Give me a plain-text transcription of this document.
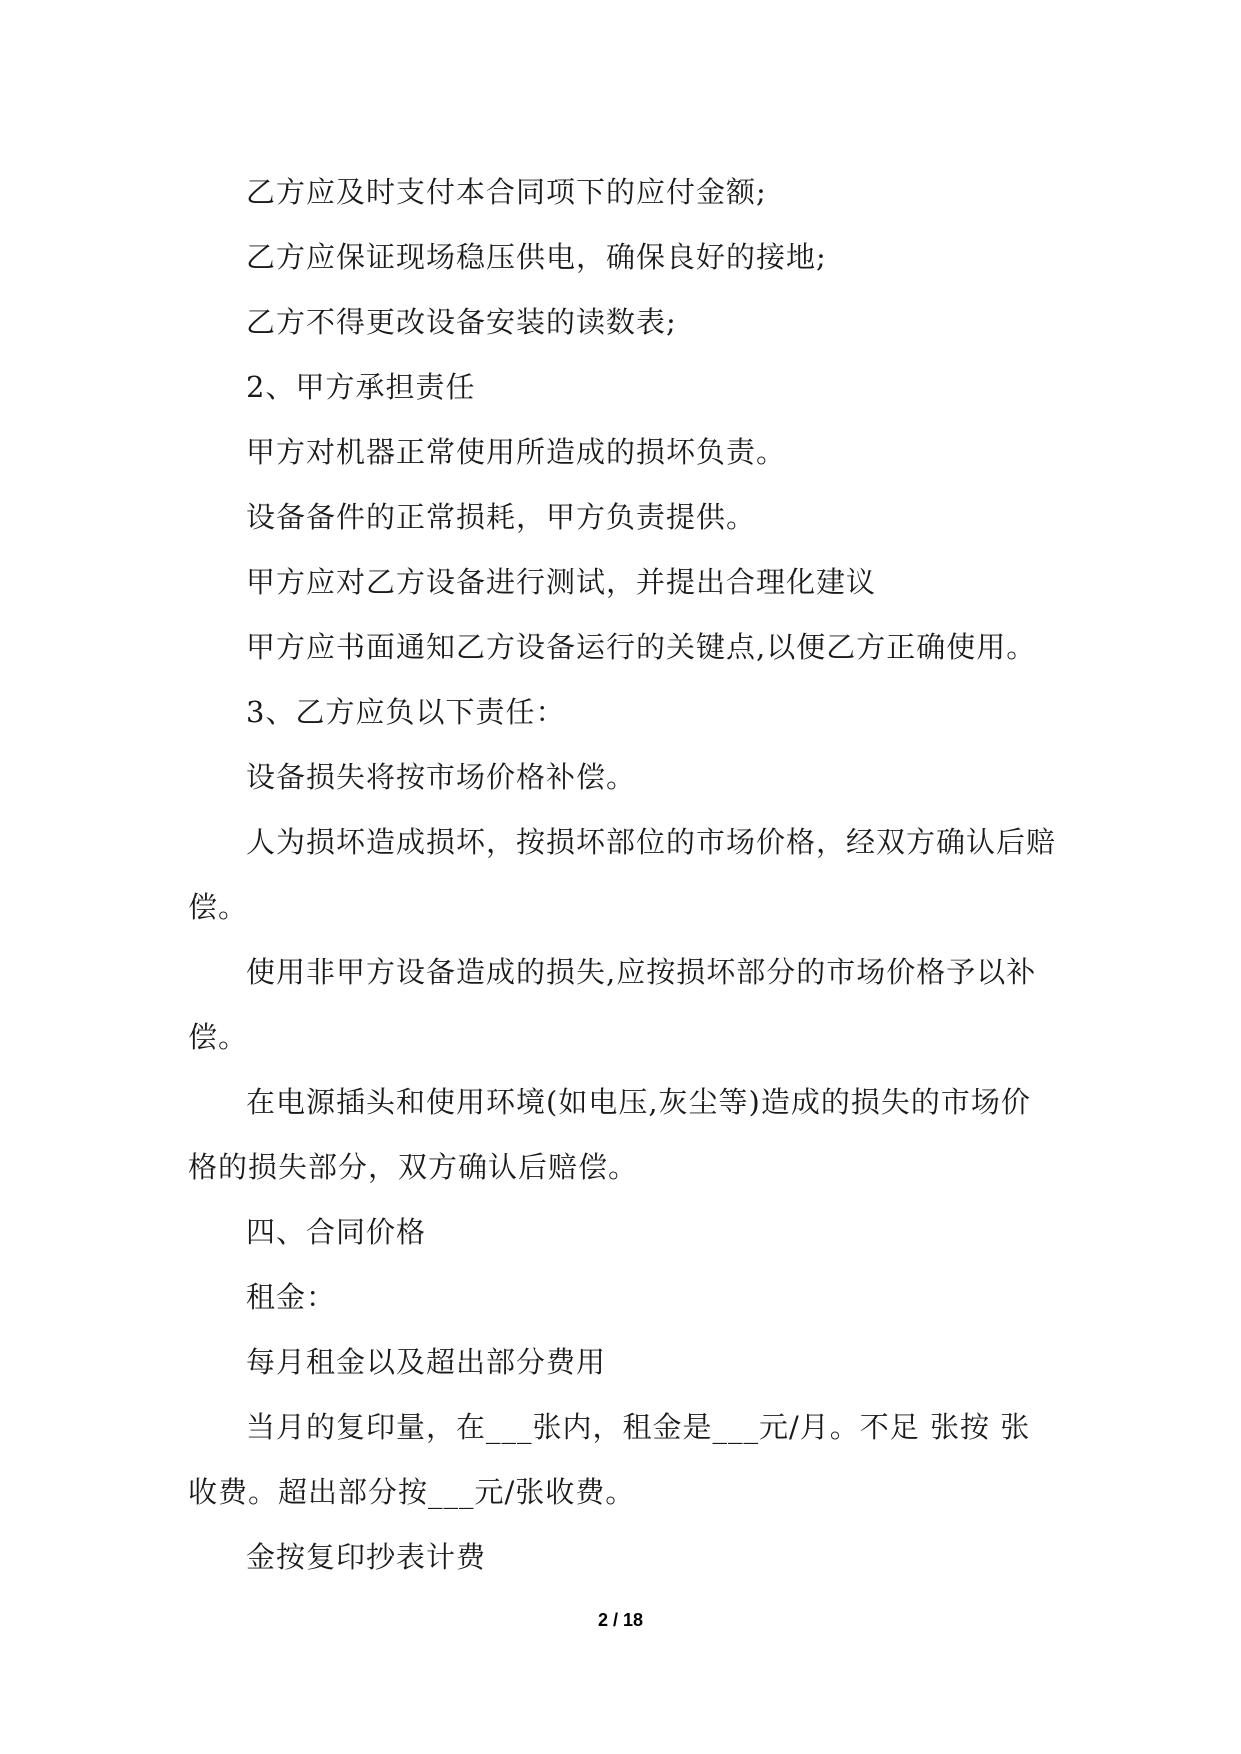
乙方应及时支付本合同项下的应付金额;

乙方应保证现场稳压供电，确保良好的接地;

乙方不得更改设备安装的读数表;

2、甲方承担责任

甲方对机器正常使用所造成的损坏负责。

设备备件的正常损耗，甲方负责提供。

甲方应对乙方设备进行测试，并提出合理化建议

甲方应书面通知乙方设备运行的关键点,以便乙方正确使用。

3、乙方应负以下责任：

设备损失将按市场价格补偿。

人为损坏造成损坏，按损坏部位的市场价格，经双方确认后赔偿。

使用非甲方设备造成的损失,应按损坏部分的市场价格予以补偿。

在电源插头和使用环境(如电压,灰尘等)造成的损失的市场价格的损失部分，双方确认后赔偿。

四、合同价格

租金：

每月租金以及超出部分费用

当月的复印量，在___张内，租金是___元/月。不足 张按 张收费。超出部分按___元/张收费。

金按复印抄表计费

2 / 18
